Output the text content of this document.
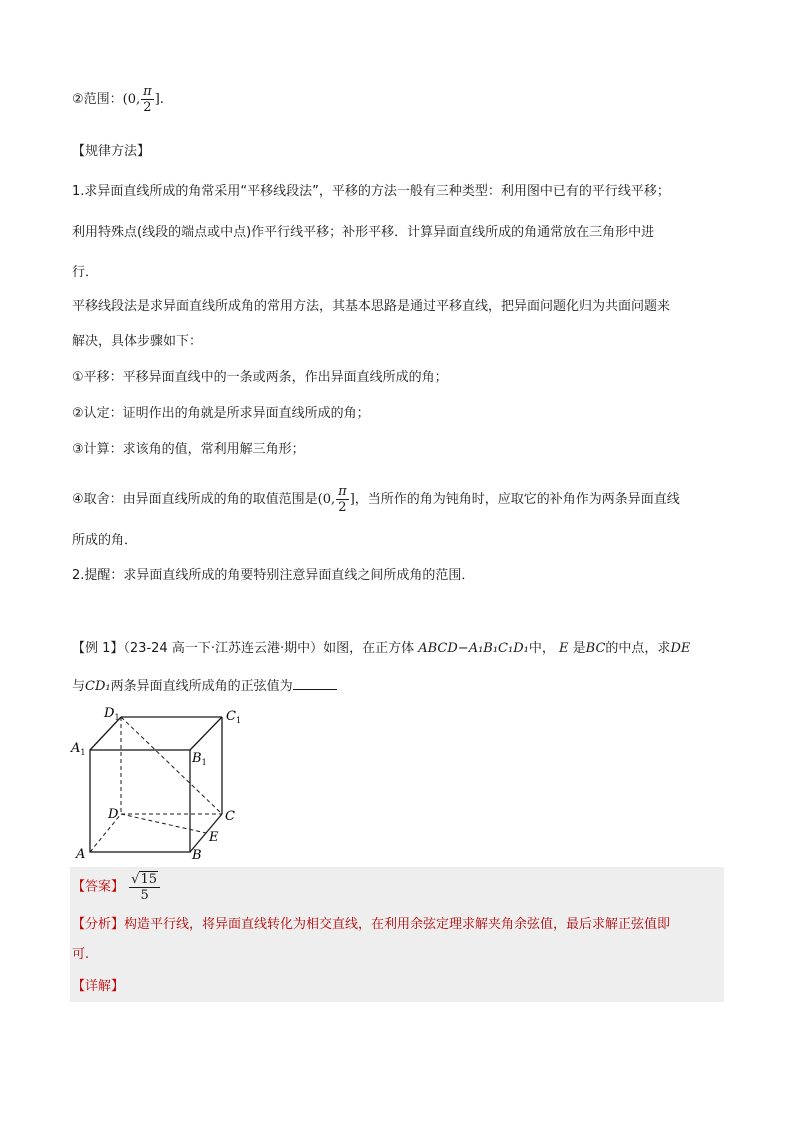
②范围：(0, $\frac{\pi}{2}$ ].
【规律方法】
1.求异面直线所成的角常采用“平移线段法”，平移的方法一般有三种类型：利用图中已有的平行线平移；
利用特殊点(线段的端点或中点)作平行线平移；补形平移．计算异面直线所成的角通常放在三角形中进
行．
平移线段法是求异面直线所成角的常用方法，其基本思路是通过平移直线，把异面问题化归为共面问题来
解决，具体步骤如下：
①平移：平移异面直线中的一条或两条，作出异面直线所成的角；
②认定：证明作出的角就是所求异面直线所成的角；
③计算：求该角的值，常利用解三角形；
④取舍：由异面直线所成的角的取值范围是(0, $\frac{\pi}{2}$ ]，当所作的角为钝角时，应取它的补角作为两条异面直线
所成的角．
2.提醒：求异面直线所成的角要特别注意异面直线之间所成角的范围．
【例 1】（23-24 高一下·江苏连云港·期中）如图，在正方体 ABCD−A₁B₁C₁D₁中， E 是BC的中点，求DE
与CD₁两条异面直线所成角的正弦值为
$D_1$	$C_1$
$A_1$	$B_1$
D	C
E
A	B
【答案】 $\frac{√15}{5}$
【分析】构造平行线，将异面直线转化为相交直线，在利用余弦定理求解夹角余弦值，最后求解正弦值即
可.
【详解】
